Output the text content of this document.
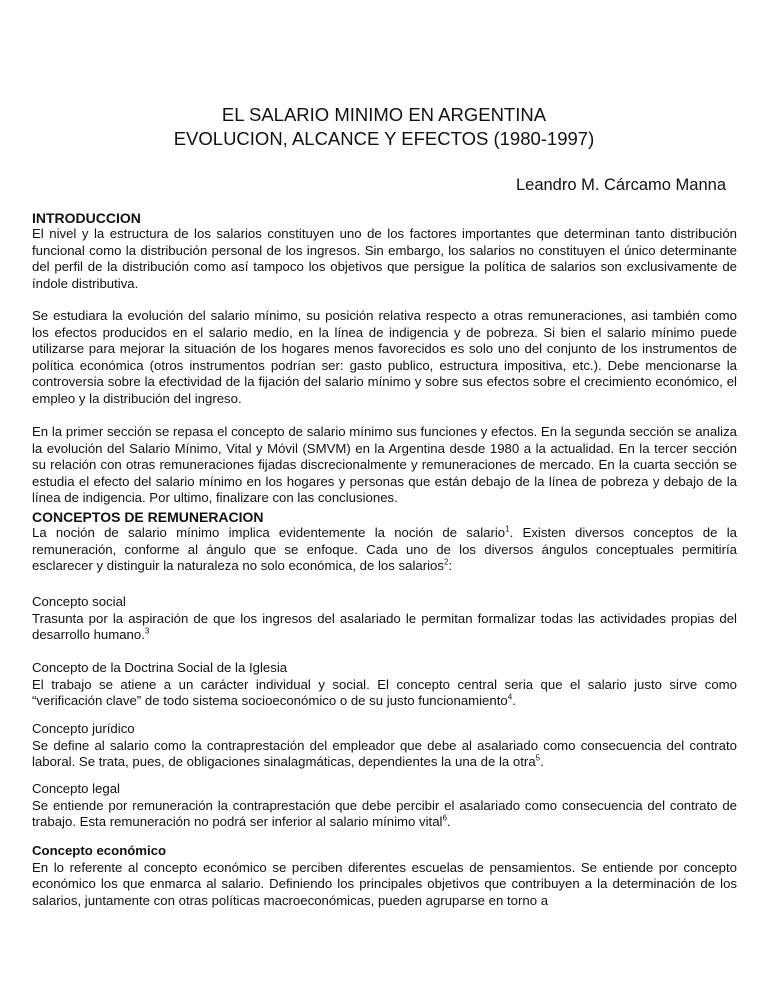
EL SALARIO MINIMO EN ARGENTINA
EVOLUCION, ALCANCE Y EFECTOS (1980-1997)

Leandro M. Cárcamo Manna

INTRODUCCION

El nivel y la estructura de los salarios constituyen uno de los factores importantes que determinan tanto distribución funcional como la distribución personal de los ingresos. Sin embargo, los salarios no constituyen el único determinante del perfil de la distribución como así tampoco los objetivos que persigue la política de salarios son exclusivamente de índole distributiva.

Se estudiara la evolución del salario mínimo, su posición relativa respecto a otras remuneraciones, asi también como los efectos producidos en el salario medio, en la línea de indigencia y de pobreza. Si bien el salario mínimo puede utilizarse para mejorar la situación de los hogares menos favorecidos es solo uno del conjunto de los instrumentos de política económica (otros instrumentos podrían ser: gasto publico, estructura impositiva, etc.). Debe mencionarse la controversia sobre la efectividad de la fijación del salario mínimo y sobre sus efectos sobre el crecimiento económico, el empleo y la distribución del ingreso.

En la primer sección se repasa el concepto de salario mínimo sus funciones y efectos. En la segunda sección se analiza la evolución del Salario Mínimo, Vital y Móvil (SMVM) en la Argentina desde 1980 a la actualidad. En la tercer sección su relación con otras remuneraciones fijadas discrecionalmente y remuneraciones de mercado. En la cuarta sección se estudia el efecto del salario mínimo en los hogares y personas que están debajo de la línea de pobreza y debajo de la línea de indigencia. Por ultimo, finalizare con las conclusiones.

CONCEPTOS DE REMUNERACION

La noción de salario mínimo implica evidentemente la noción de salario$^1$. Existen diversos conceptos de la remuneración, conforme al ángulo que se enfoque. Cada uno de los diversos ángulos conceptuales permitiría esclarecer y distinguir la naturaleza no solo económica, de los salarios$^2$:

Concepto social
Trasunta por la aspiración de que los ingresos del asalariado le permitan formalizar todas las actividades propias del desarrollo humano.$^3$
Concepto de la Doctrina Social de la Iglesia
El trabajo se atiene a un carácter individual y social. El concepto central seria que el salario justo sirve como “verificación clave” de todo sistema socioeconómico o de su justo funcionamiento$^4$.
Concepto jurídico
Se define al salario como la contraprestación del empleador que debe al asalariado como consecuencia del contrato laboral. Se trata, pues, de obligaciones sinalagmáticas, dependientes la una de la otra$^5$.
Concepto legal
Se entiende por remuneración la contraprestación que debe percibir el asalariado como consecuencia del contrato de trabajo. Esta remuneración no podrá ser inferior al salario mínimo vital$^6$.
Concepto económico
En lo referente al concepto económico se perciben diferentes escuelas de pensamientos. Se entiende por concepto económico los que enmarca al salario. Definiendo los principales objetivos que contribuyen a la determinación de los salarios, juntamente con otras políticas macroeconómicas, pueden agruparse en torno a
